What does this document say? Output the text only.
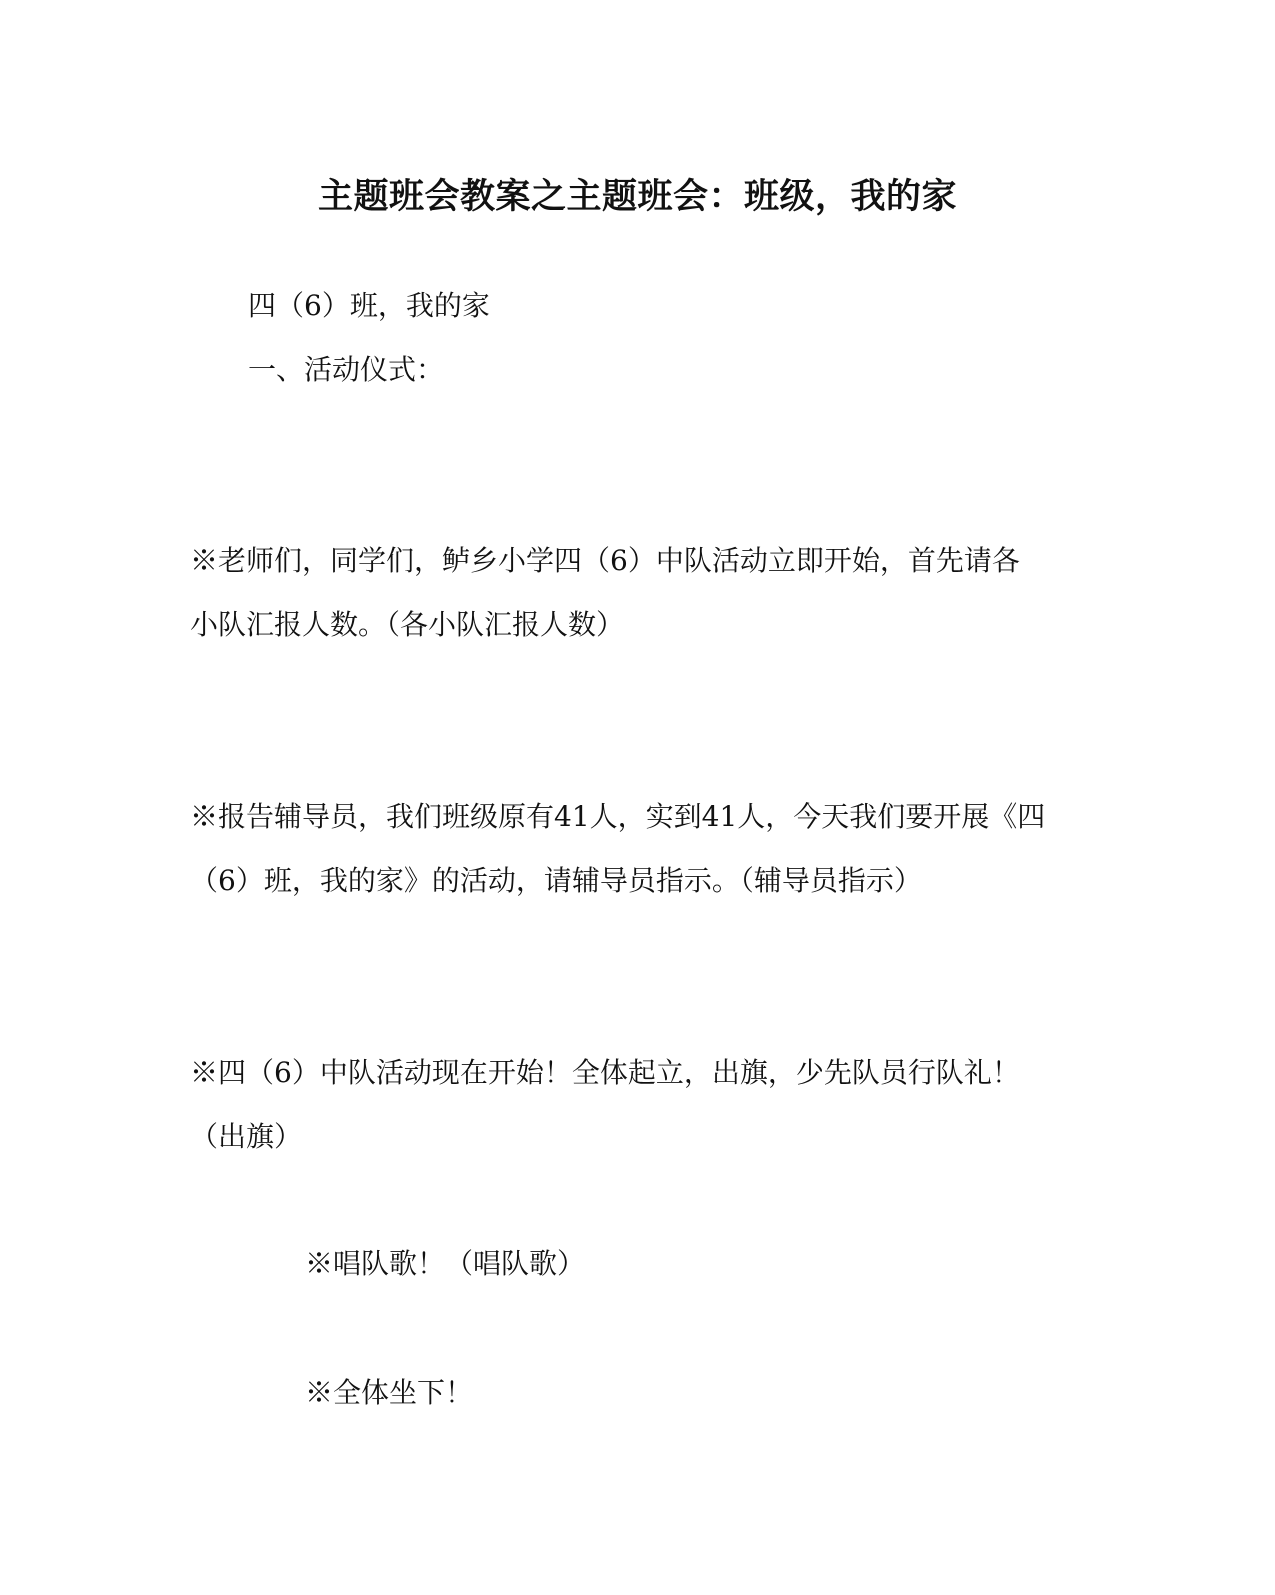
主题班会教案之主题班会：班级，我的家
四（6）班，我的家
一、活动仪式：
※老师们，同学们，鲈乡小学四（6）中队活动立即开始，首先请各
小队汇报人数。（各小队汇报人数）
※报告辅导员，我们班级原有41人，实到41人，今天我们要开展《四
（6）班，我的家》的活动，请辅导员指示。（辅导员指示）
※四（6）中队活动现在开始！全体起立，出旗，少先队员行队礼！
（出旗）
※唱队歌！（唱队歌）
※全体坐下！
